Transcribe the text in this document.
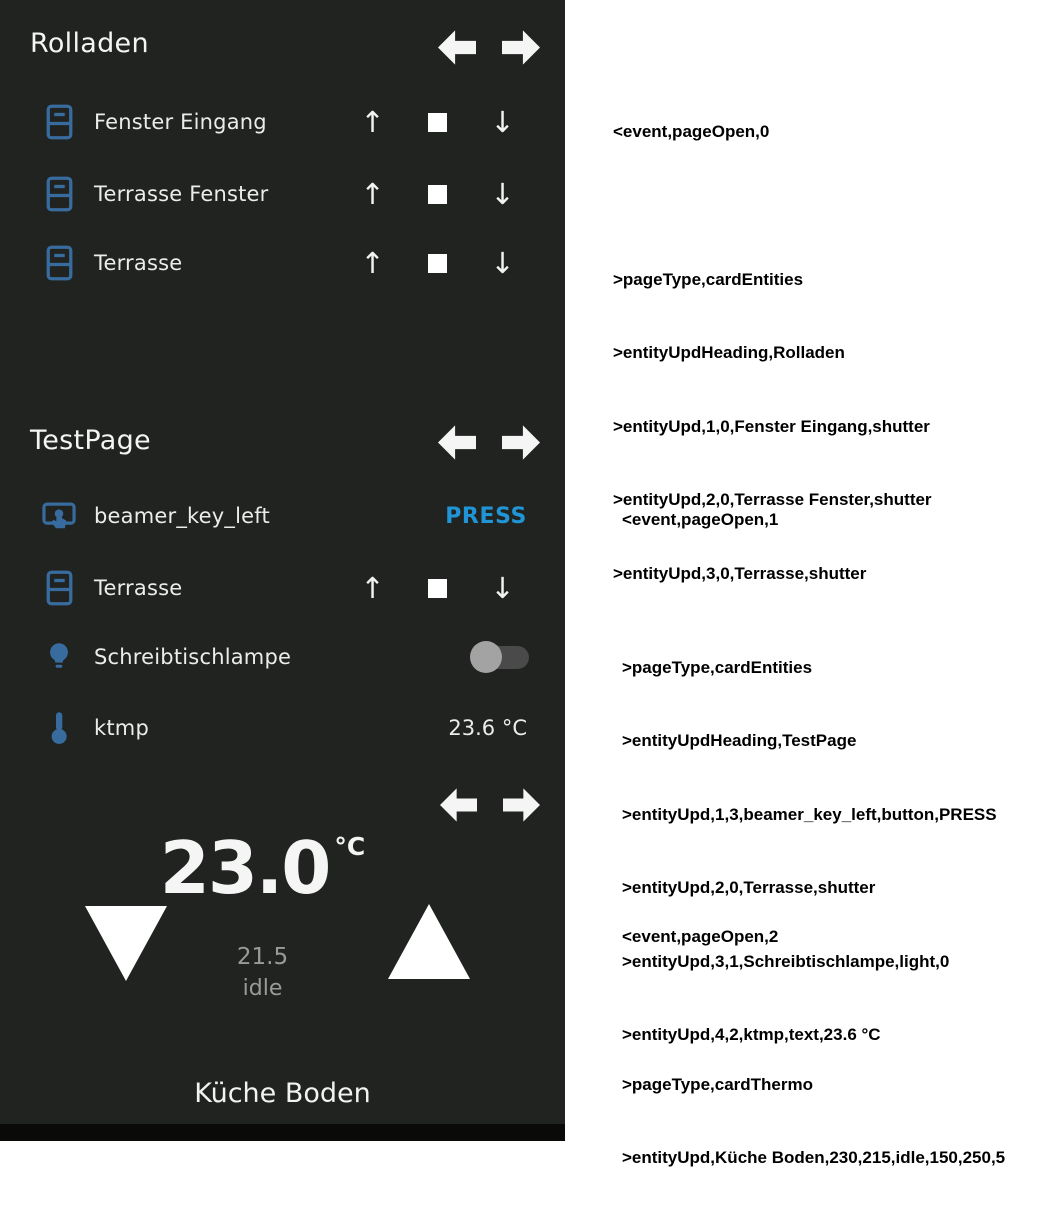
Rolladen
Fenster Eingang	↑	↓
Terrasse Fenster	↑	↓
Terrasse	↑	↓
TestPage
beamer_key_left	PRESS
Terrasse	↑	↓
Schreibtischlampe
ktmp	23.6 °C
23.0 °C
21.5
idle
Küche Boden

<event,pageOpen,0

>pageType,cardEntities

>entityUpdHeading,Rolladen

>entityUpd,1,0,Fenster Eingang,shutter

>entityUpd,2,0,Terrasse Fenster,shutter

>entityUpd,3,0,Terrasse,shutter

<event,pageOpen,1

>pageType,cardEntities

>entityUpdHeading,TestPage

>entityUpd,1,3,beamer_key_left,button,PRESS

>entityUpd,2,0,Terrasse,shutter

>entityUpd,3,1,Schreibtischlampe,light,0

>entityUpd,4,2,ktmp,text,23.6 °C

<event,pageOpen,2

>pageType,cardThermo

>entityUpd,Küche Boden,230,215,idle,150,250,5
